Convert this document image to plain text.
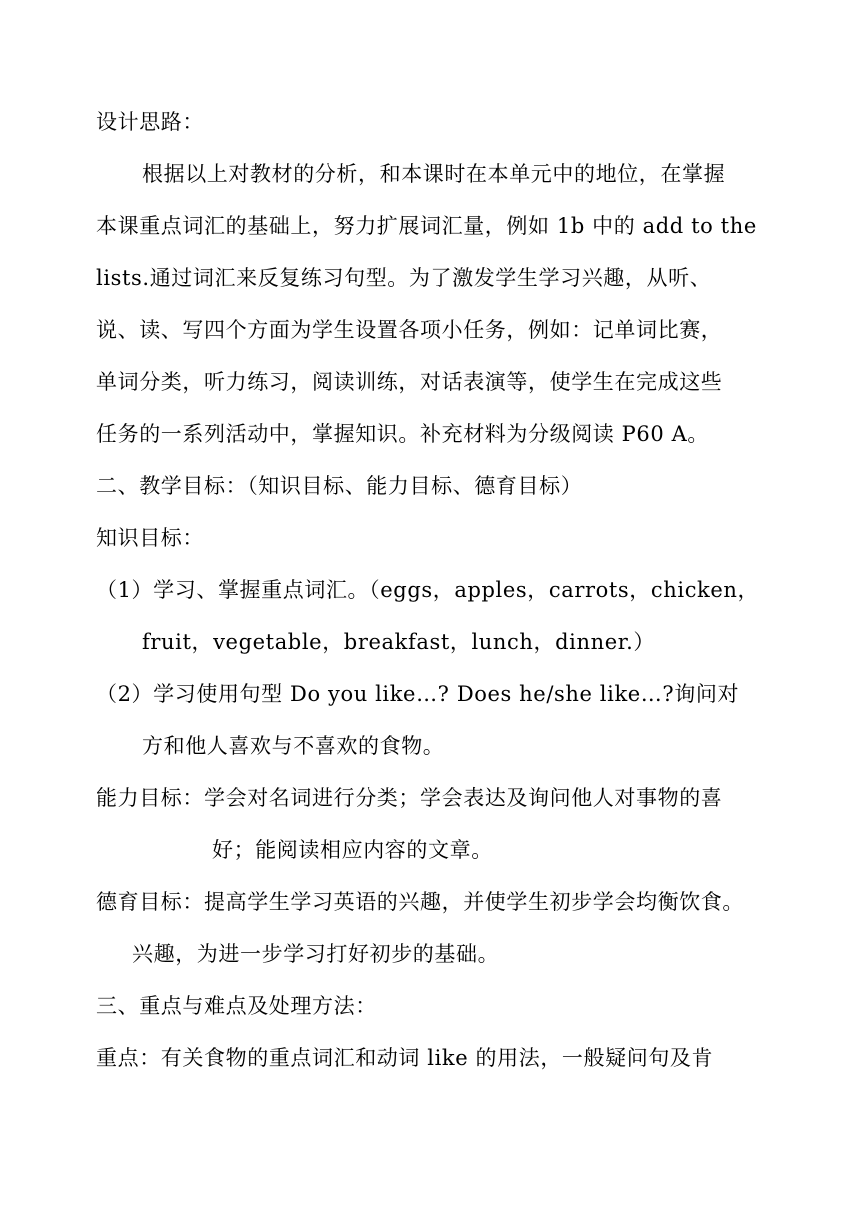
设计思路：
根据以上对教材的分析，和本课时在本单元中的地位，在掌握
本课重点词汇的基础上，努力扩展词汇量，例如 1b 中的 add to the
lists.通过词汇来反复练习句型。为了激发学生学习兴趣，从听、
说、读、写四个方面为学生设置各项小任务，例如：记单词比赛，
单词分类，听力练习，阅读训练，对话表演等，使学生在完成这些
任务的一系列活动中，掌握知识。补充材料为分级阅读 P60 A。
二、教学目标：（知识目标、能力目标、德育目标）
知识目标：
（1）学习、掌握重点词汇。（eggs，apples，carrots，chicken，
fruit，vegetable，breakfast，lunch，dinner.）
（2）学习使用句型 Do you like…? Does he/she like…?询问对
方和他人喜欢与不喜欢的食物。
能力目标：学会对名词进行分类；学会表达及询问他人对事物的喜
好；能阅读相应内容的文章。
德育目标：提高学生学习英语的兴趣，并使学生初步学会均衡饮食。
兴趣，为进一步学习打好初步的基础。
三、重点与难点及处理方法：
重点：有关食物的重点词汇和动词 like 的用法，一般疑问句及肯
